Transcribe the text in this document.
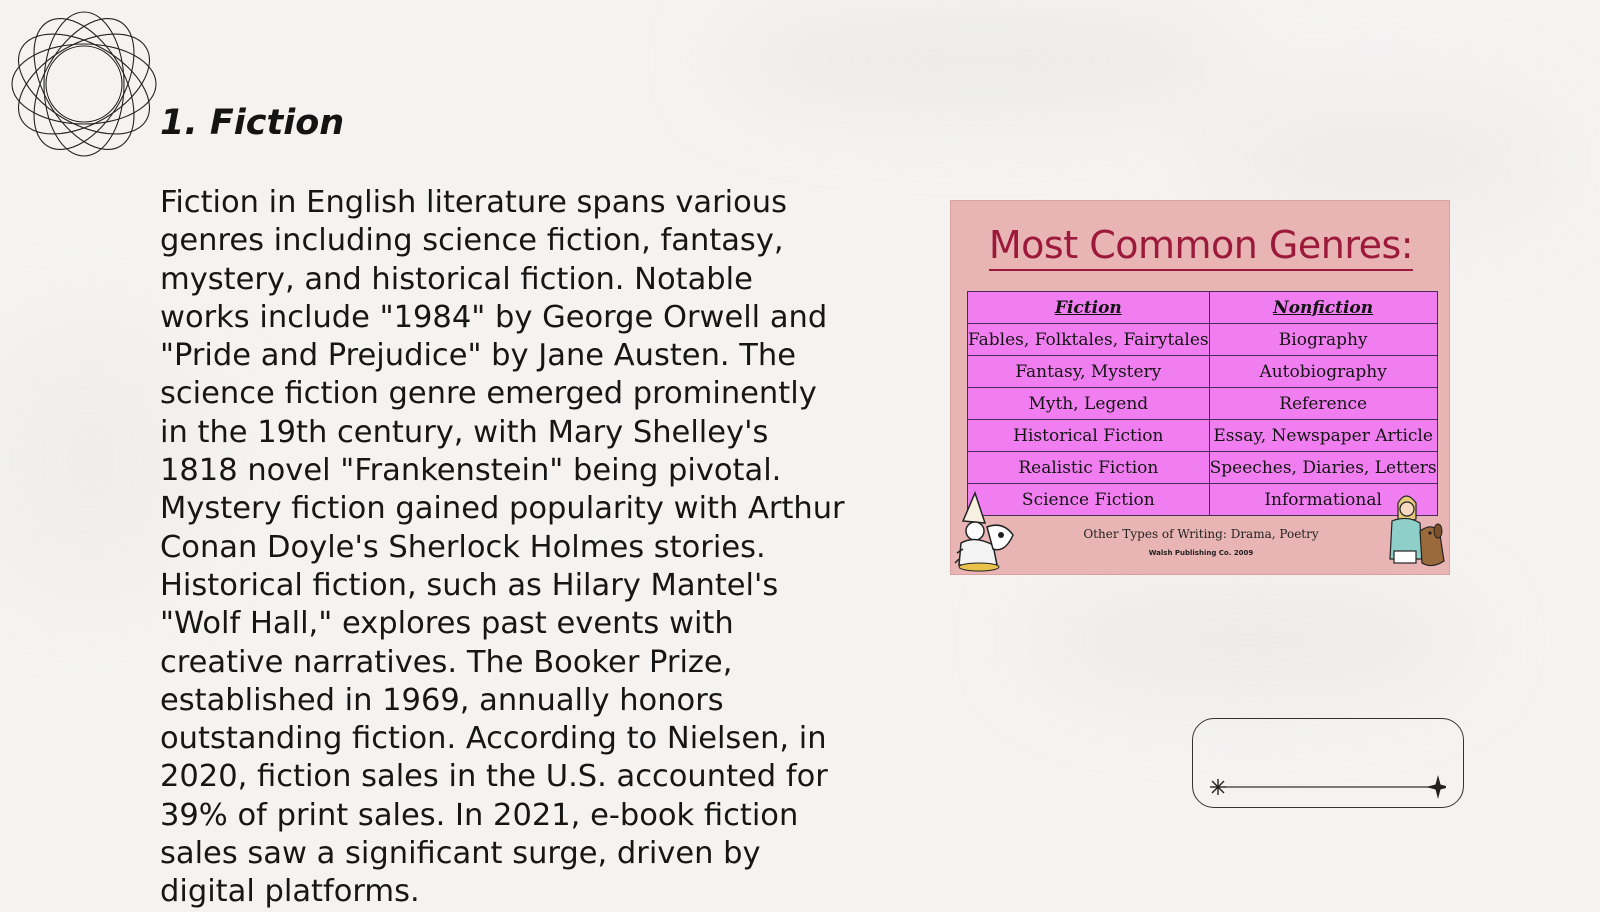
1. Fiction

Fiction in English literature spans various genres including science fiction, fantasy, mystery, and historical fiction. Notable works include "1984" by George Orwell and "Pride and Prejudice" by Jane Austen. The science fiction genre emerged prominently in the 19th century, with Mary Shelley's 1818 novel "Frankenstein" being pivotal. Mystery fiction gained popularity with Arthur Conan Doyle's Sherlock Holmes stories. Historical fiction, such as Hilary Mantel's "Wolf Hall," explores past events with creative narratives. The Booker Prize, established in 1969, annually honors outstanding fiction. According to Nielsen, in 2020, fiction sales in the U.S. accounted for 39% of print sales. In 2021, e-book fiction sales saw a significant surge, driven by digital platforms.

Most Common Genres:
Fiction	Nonfiction
Fables, Folktales, Fairytales	Biography
Fantasy, Mystery	Autobiography
Myth, Legend	Reference
Historical Fiction	Essay, Newspaper Article
Realistic Fiction	Speeches, Diaries, Letters
Science Fiction	Informational
Other Types of Writing: Drama, Poetry
Walsh Publishing Co. 2009
